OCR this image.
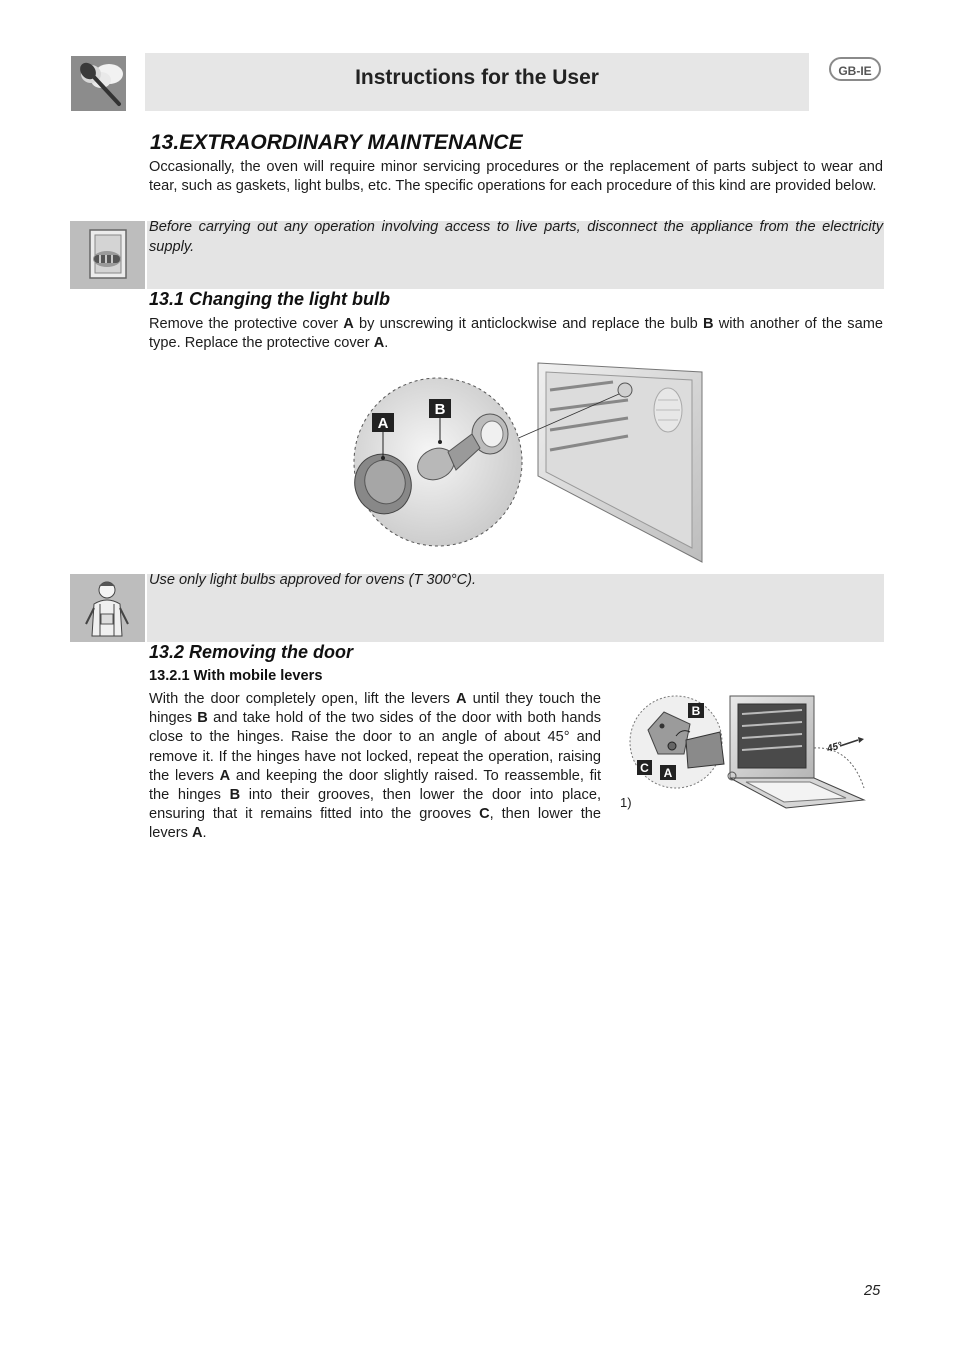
Instructions for the User	GB-IE
13.EXTRAORDINARY MAINTENANCE
Occasionally, the oven will require minor servicing procedures or the replacement of parts subject to wear and tear, such as gaskets, light bulbs, etc. The specific operations for each procedure of this kind are provided below.
Before carrying out any operation involving access to live parts, disconnect the appliance from the electricity supply.
13.1 Changing the light bulb
Remove the protective cover A by unscrewing it anticlockwise and replace the bulb B with another of the same type. Replace the protective cover A.
A
B
Use only light bulbs approved for ovens (T 300°C).
13.2 Removing the door
13.2.1 With mobile levers
With the door completely open, lift the levers A until they touch the hinges B and take hold of the two sides of the door with both hands close to the hinges. Raise the door to an angle of about 45° and remove it. If the hinges have not locked, repeat the operation, raising the levers A and keeping the door slightly raised. To reassemble, fit the hinges B into their grooves, then lower the door into place, ensuring that it remains fitted into the grooves C, then lower the levers A.
45°
B
C A
1)
25
